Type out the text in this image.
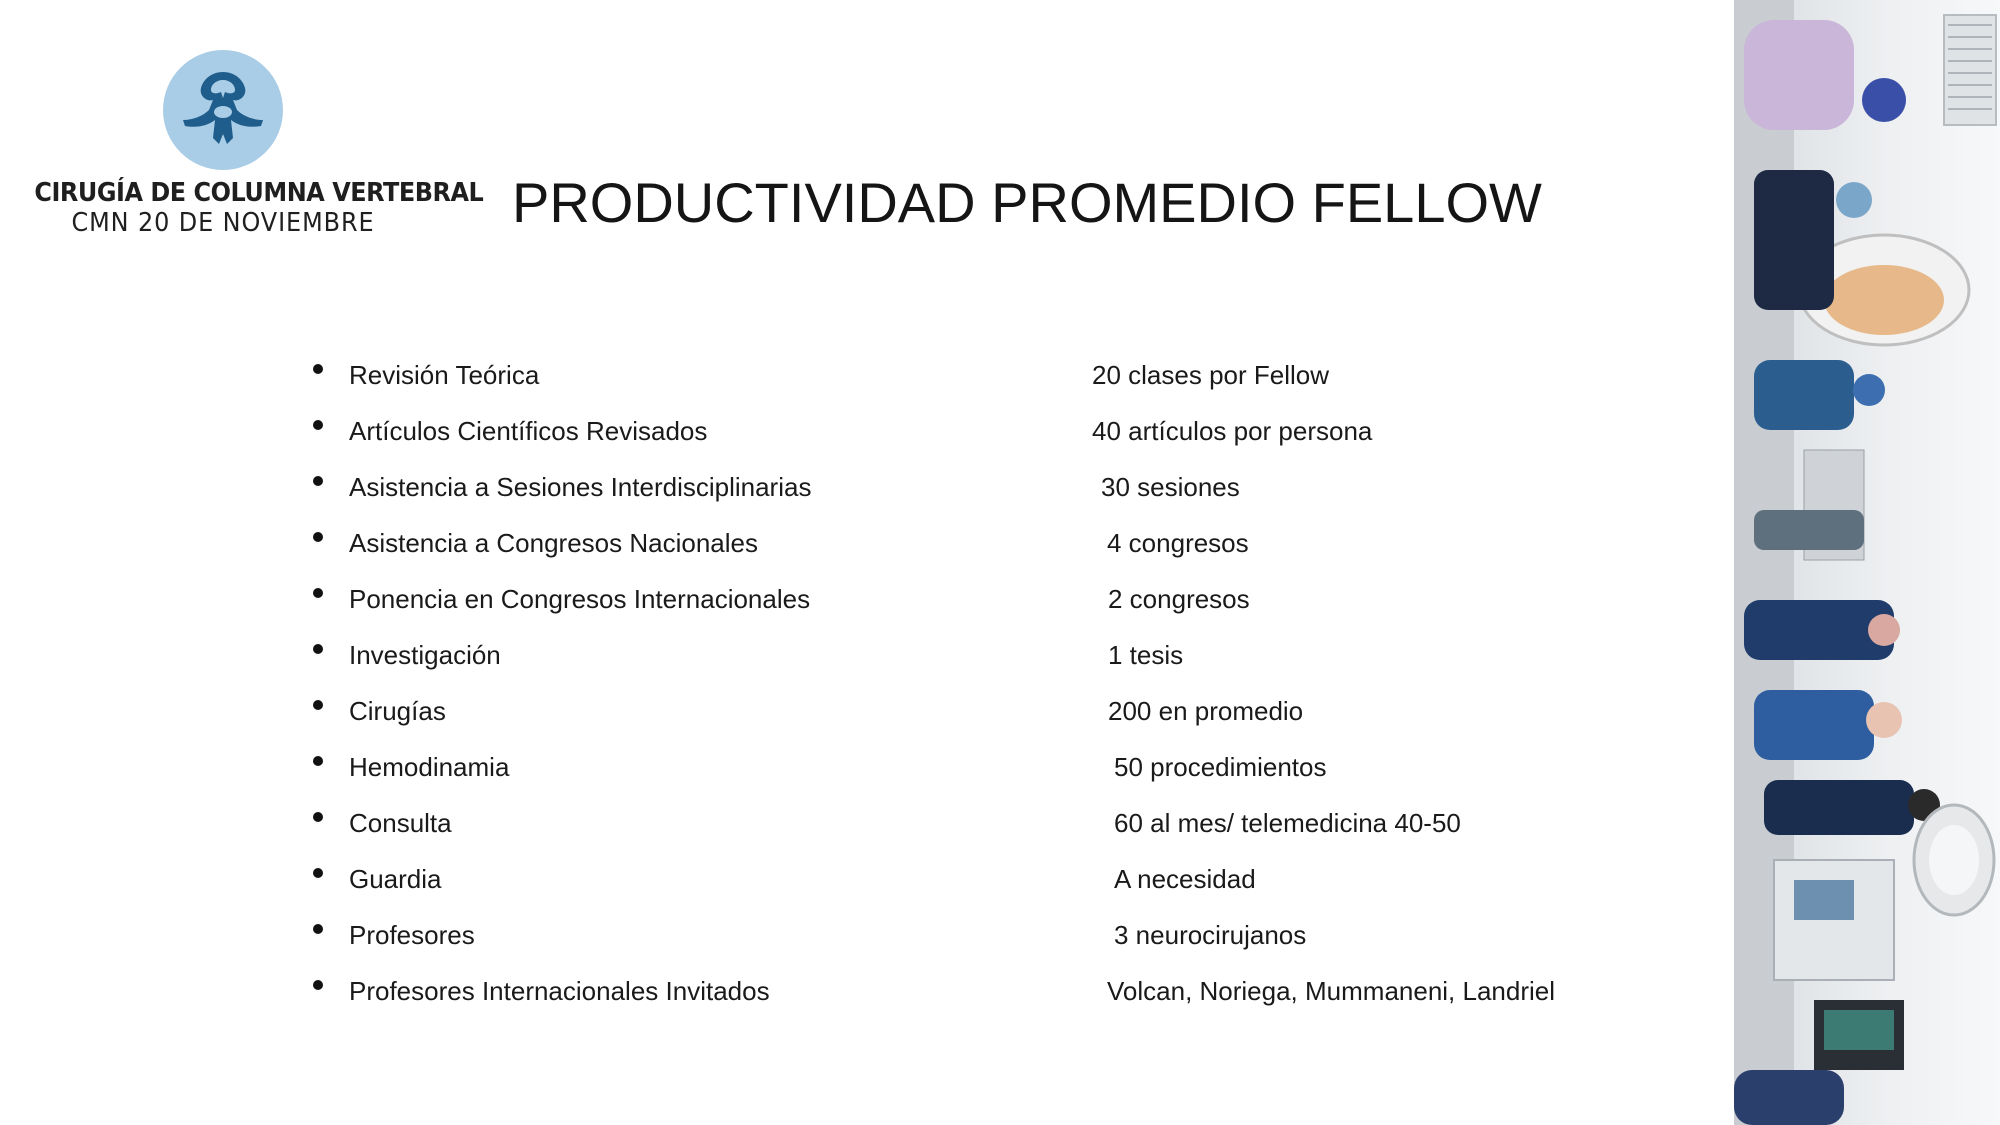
CIRUGÍA DE COLUMNA VERTEBRAL
CMN 20 DE NOVIEMBRE	PRODUCTIVIDAD PROMEDIO FELLOW
Revisión Teórica	20 clases por Fellow
Artículos Científicos Revisados	40 artículos por persona
Asistencia a Sesiones Interdisciplinarias	30 sesiones
Asistencia a Congresos Nacionales	4 congresos
Ponencia en Congresos Internacionales	2 congresos
Investigación	1 tesis
Cirugías	200 en promedio
Hemodinamia	50 procedimientos
Consulta	60 al mes/ telemedicina 40-50
Guardia	A necesidad
Profesores	3 neurocirujanos
Profesores Internacionales Invitados	Volcan, Noriega, Mummaneni, Landriel
